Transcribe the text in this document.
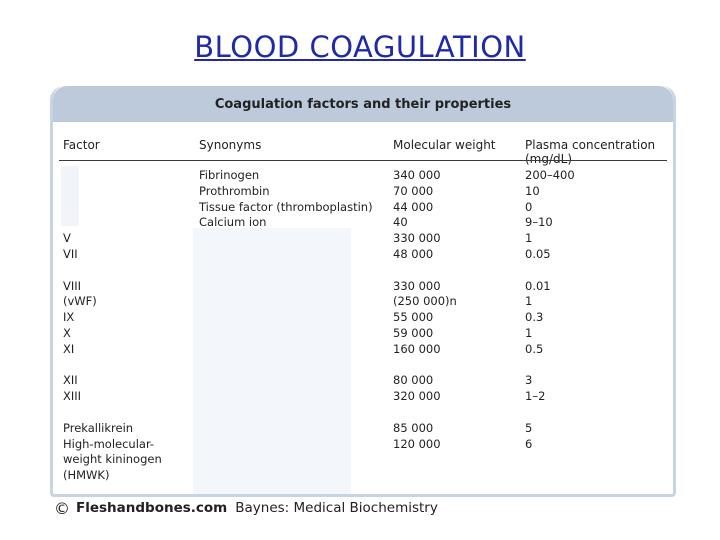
BLOOD COAGULATION
Coagulation factors and their properties
Factor	Synonyms	Molecular weight Plasma concentration (mg/dL)
V
VII
VIII
(vWF)
IX
X
XI
XII
XIII
Prekallikrein
High-molecular-
weight kininogen
(HMWK)
Fibrinogen
Prothrombin
Tissue factor (thromboplastin)
Calcium ion
340 000
70 000
44 000
40
330 000
48 000
330 000
(250 000)n
55 000
59 000
160 000
80 000
320 000
85 000
120 000
200–400
10
0
9–10
1
0.05
0.01
1
0.3
1
0.5
3
1–2
5
6
© Fleshandbones.com Baynes: Medical Biochemistry
